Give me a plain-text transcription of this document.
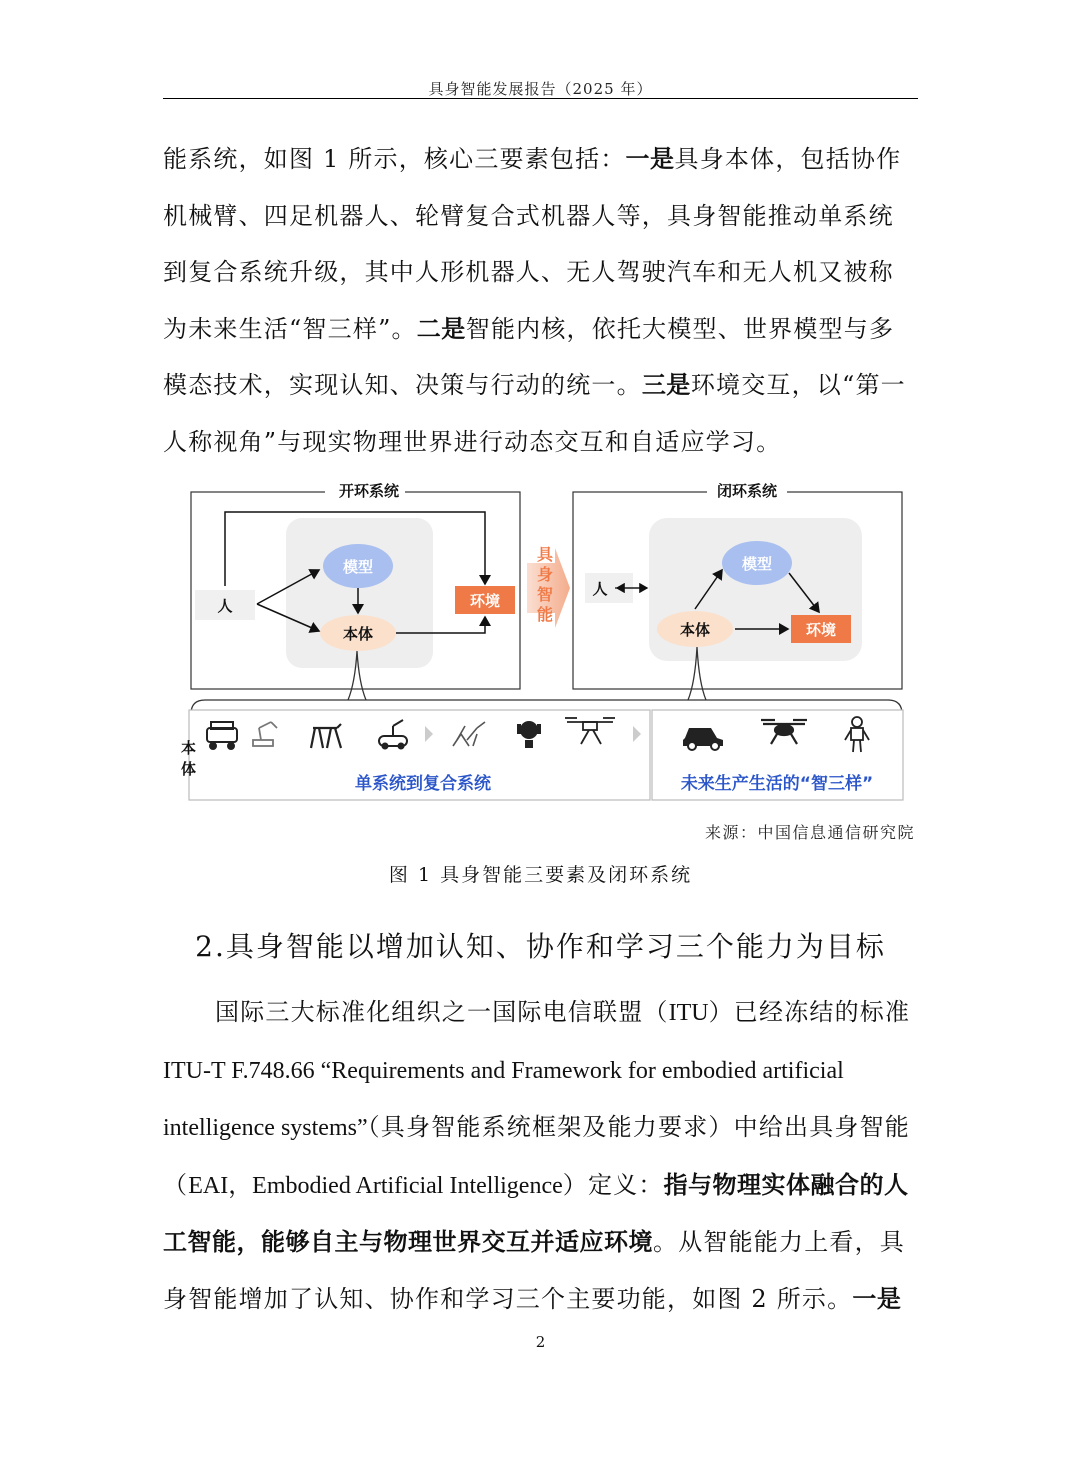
具身智能发展报告（2025 年）

能系统，如图 1 所示，核心三要素包括：一是具身本体，包括协作机械臂、四足机器人、轮臂复合式机器人等，具身智能推动单系统到复合系统升级，其中人形机器人、无人驾驶汽车和无人机又被称为未来生活“智三样”。二是智能内核，依托大模型、世界模型与多模态技术，实现认知、决策与行动的统一。三是环境交互，以“第一人称视角”与现实物理世界进行动态交互和自适应学习。

开环系统
模型
本体
环境
人
具身智能
闭环系统
模型
本体	环境
人
本体
单系统到复合系统	未来生产生活的“智三样”
来源：中国信息通信研究院
图 1 具身智能三要素及闭环系统
2.具身智能以增加认知、协作和学习三个能力为目标

国际三大标准化组织之一国际电信联盟（ITU）已经冻结的标准ITU-T F.748.66 “Requirements and Framework for embodied artificial intelligence systems”（具身智能系统框架及能力要求）中给出具身智能（EAI，Embodied Artificial Intelligence）定义：指与物理实体融合的人工智能，能够自主与物理世界交互并适应环境。从智能能力上看，具身智能增加了认知、协作和学习三个主要功能，如图 2 所示。一是

2
